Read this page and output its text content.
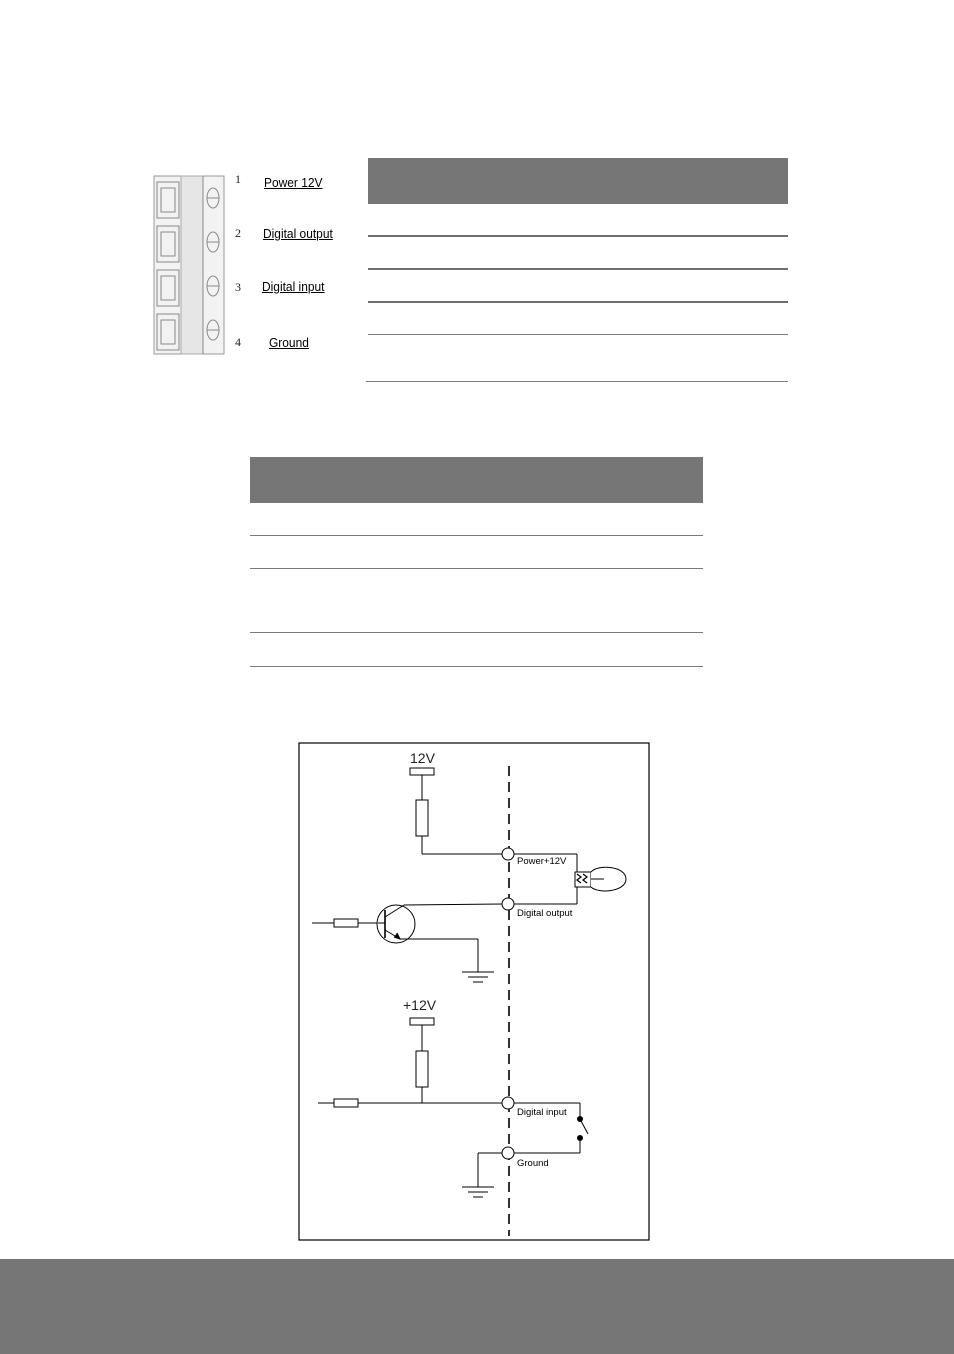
1 Power 12V
2 Digital output
3 Digital input
4 Ground
12V
+12V
Power+12V
Digital output
Digital input
Ground
